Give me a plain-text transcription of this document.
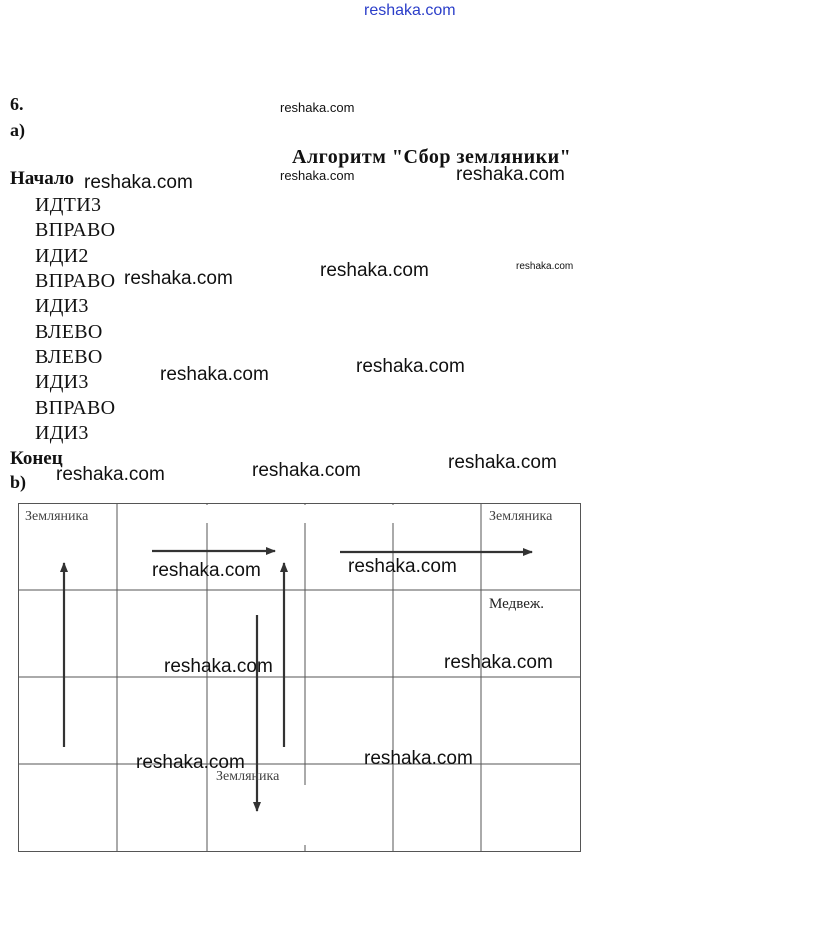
reshaka.com
6.
a)
Алгоритм "Сбор земляники"
Начало
ИДТИ3
ВПРАВО
ИДИ2
ВПРАВО
ИДИ3
ВЛЕВО
ВЛЕВО
ИДИ3
ВПРАВО
ИДИ3
Конец
b)
Земляника	Земляника
Медвеж.
Земляника
reshaka.com
reshaka.com	reshaka.com	reshaka.com
reshaka.com	reshaka.com	reshaka.com
reshaka.com	reshaka.com
reshaka.com	reshaka.com	reshaka.com
reshaka.com	reshaka.com
reshaka.com	reshaka.com
reshaka.com	reshaka.com
